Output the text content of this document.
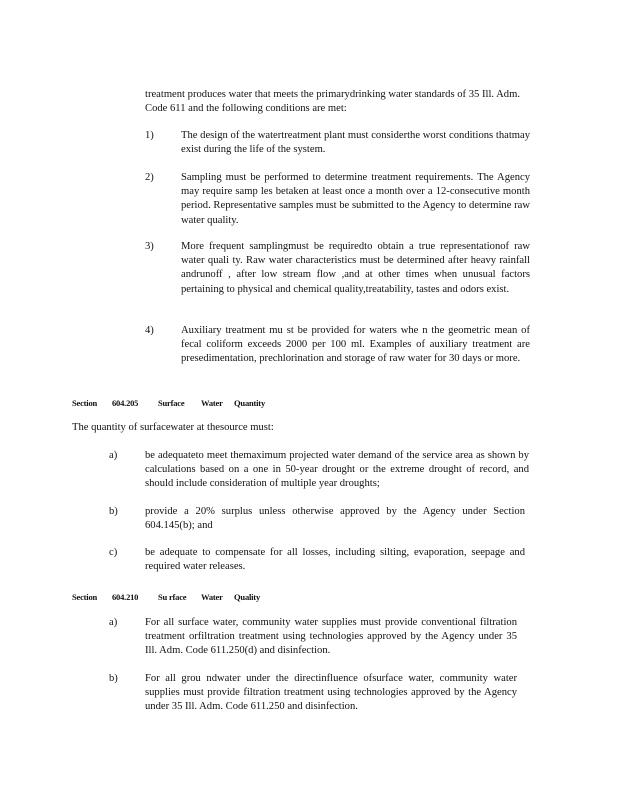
treatment produces water that meets the primarydrinking water standards of 35 Ill. Adm. Code 611 and the following conditions are met:
1)	The design of the watertreatment plant must considerthe worst conditions thatmay exist during the life of the system.
2)	Sampling must be performed to determine treatment requirements. The Agency may require samp les betaken at least once a month over a 12-consecutive month period. Representative samples must be submitted to the Agency to determine raw water quality.
3)	More frequent samplingmust be requiredto obtain a true representationof raw water quali ty. Raw water characteristics must be determined after heavy rainfall andrunoff , after low stream flow ,and at other times when unusual factors pertaining to physical and chemical quality,treatability, tastes and odors exist.
4)	Auxiliary treatment mu st be provided for waters whe n the geometric mean of fecal coliform exceeds 2000 per 100 ml. Examples of auxiliary treatment are presedimentation, prechlorination and storage of raw water for 30 days or more.
Section 604.205 Surface Water Quantity
The quantity of surfacewater at thesource must:
a)	be adequateto meet themaximum projected water demand of the service area as shown by calculations based on a one in 50-year drought or the extreme drought of record, and should include consideration of multiple year droughts;
b)	provide a 20% surplus unless otherwise approved by the Agency under Section 604.145(b); and
c)	be adequate to compensate for all losses, including silting, evaporation, seepage and required water releases.
Section 604.210 Su rface Water Quality
a)	For all surface water, community water supplies must provide conventional filtration treatment orfiltration treatment using technologies approved by the Agency under 35 Ill. Adm. Code 611.250(d) and disinfection.
b)	For all grou ndwater under the directinfluence ofsurface water, community water supplies must provide filtration treatment using technologies approved by the Agency under 35 Ill. Adm. Code 611.250 and disinfection.
